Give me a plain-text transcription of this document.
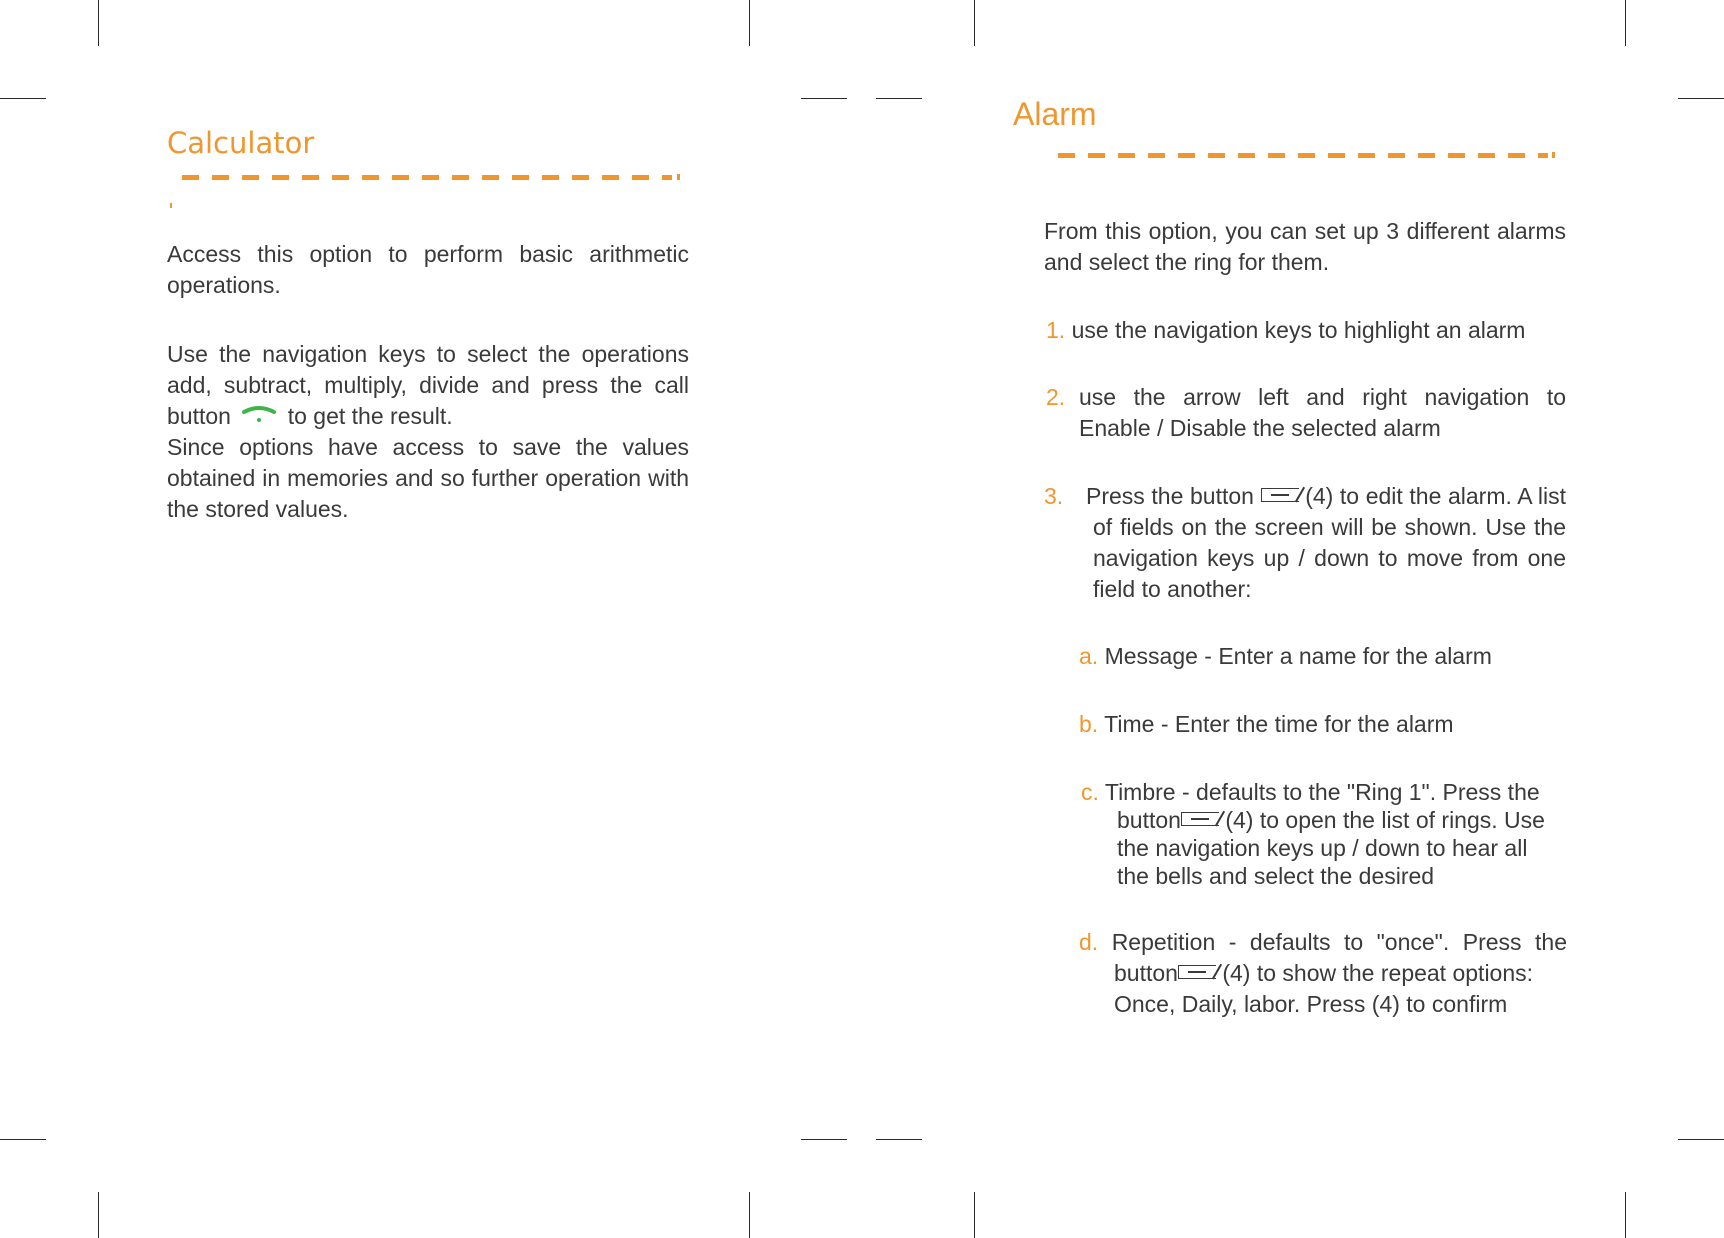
Calculator

Access this option to perform basic arithmetic operations.

Use the navigation keys to select the operations add, subtract, multiply, divide and press the call button to get the result.

Since options have access to save the values obtained in memories and so further operation with the stored values.

Alarm

From this option, you can set up 3 different alarms and select the ring for them.

1. use the navigation keys to highlight an alarm

2. use the arrow left and right navigation to Enable / Disable the selected alarm

3. Press the button (4) to edit the alarm. A list of fields on the screen will be shown. Use the navigation keys up / down to move from one field to another:

a. Message - Enter a name for the alarm

b. Time - Enter the time for the alarm

c. Timbre - defaults to the "Ring 1". Press the
button (4) to open the list of rings. Use
the navigation keys up / down to hear all
the bells and select the desired
d. Repetition - defaults to "once". Press the
button (4) to show the repeat options:
Once, Daily, labor. Press (4) to confirm
